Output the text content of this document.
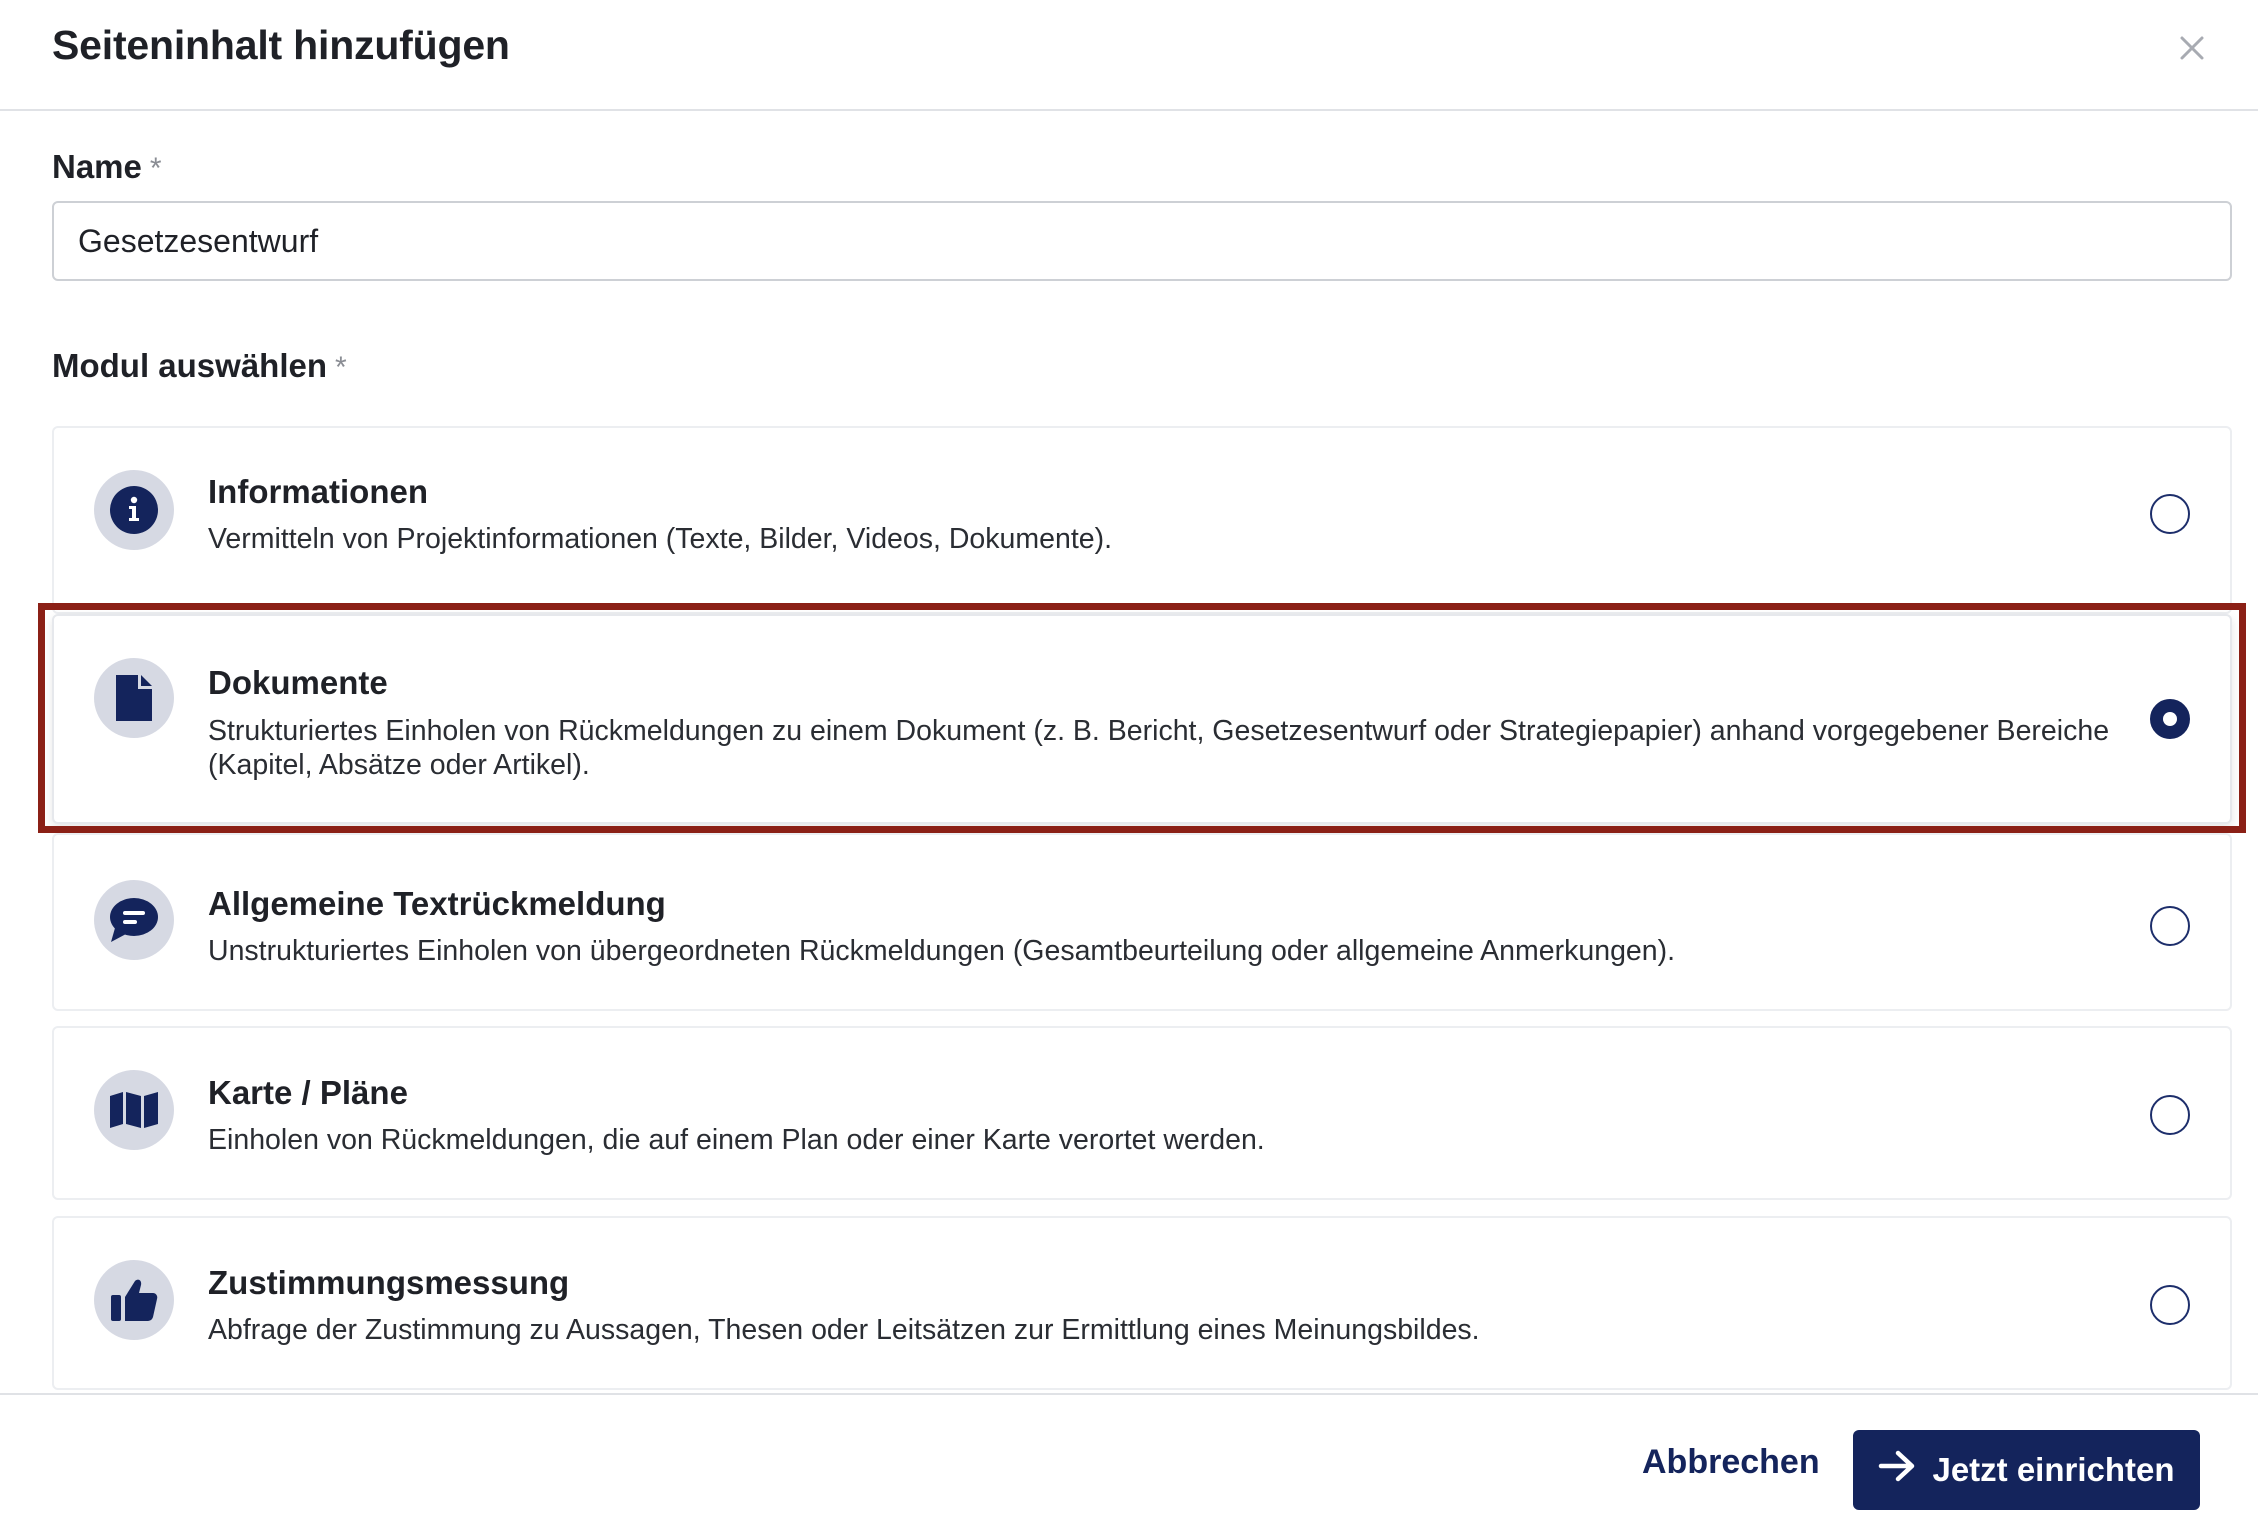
Seiteninhalt hinzufügen
Name *
Gesetzesentwurf
Modul auswählen *
Informationen
Vermitteln von Projektinformationen (Texte, Bilder, Videos, Dokumente).
Dokumente
Strukturiertes Einholen von Rückmeldungen zu einem Dokument (z. B. Bericht, Gesetzesentwurf oder Strategiepapier) anhand vorgegebener Bereiche (Kapitel, Absätze oder Artikel).
Allgemeine Textrückmeldung
Unstrukturiertes Einholen von übergeordneten Rückmeldungen (Gesamtbeurteilung oder allgemeine Anmerkungen).
Karte / Pläne
Einholen von Rückmeldungen, die auf einem Plan oder einer Karte verortet werden.
Zustimmungsmessung
Abfrage der Zustimmung zu Aussagen, Thesen oder Leitsätzen zur Ermittlung eines Meinungsbildes.
Abbrechen	Jetzt einrichten
